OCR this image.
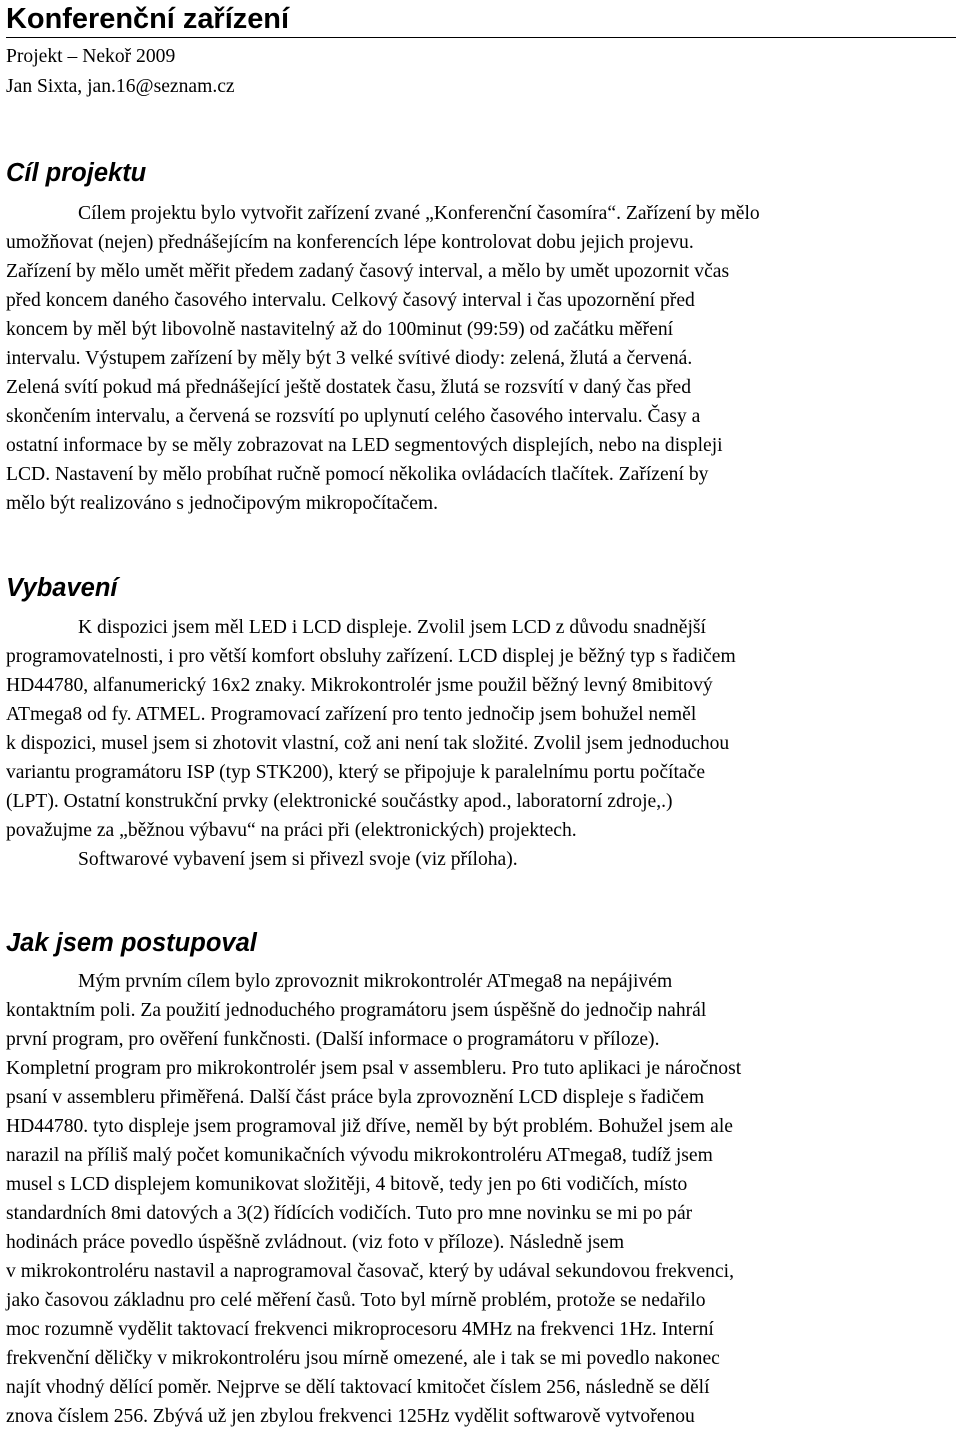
Konferenční zařízení

Projekt – Nekoř 2009

Jan Sixta, jan.16@seznam.cz

Cíl projektu

Cílem projektu bylo vytvořit zařízení zvané „Konferenční časomíra“. Zařízení by mělo

umožňovat (nejen) přednášejícím na konferencích lépe kontrolovat dobu jejich projevu.

Zařízení by mělo umět měřit předem zadaný časový interval, a mělo by umět upozornit včas

před koncem daného časového intervalu. Celkový časový interval i čas upozornění před

koncem by měl být libovolně nastavitelný až do 100minut (99:59) od začátku měření

intervalu. Výstupem zařízení by měly být 3 velké svítivé diody: zelená, žlutá a červená.

Zelená svítí pokud má přednášející ještě dostatek času, žlutá se rozsvítí v daný čas před

skončením intervalu, a červená se rozsvítí po uplynutí celého časového intervalu. Časy a

ostatní informace by se měly zobrazovat na LED segmentových displejích, nebo na displeji

LCD. Nastavení by mělo probíhat ručně pomocí několika ovládacích tlačítek. Zařízení by

mělo být realizováno s jednočipovým mikropočítačem.

Vybavení

K dispozici jsem měl LED i LCD displeje. Zvolil jsem LCD z důvodu snadnější

programovatelnosti, i pro větší komfort obsluhy zařízení. LCD displej je běžný typ s řadičem

HD44780, alfanumerický 16x2 znaky. Mikrokontrolér jsme použil běžný levný 8mibitový

ATmega8 od fy. ATMEL. Programovací zařízení pro tento jednočip jsem bohužel neměl

k dispozici, musel jsem si zhotovit vlastní, což ani není tak složité. Zvolil jsem jednoduchou

variantu programátoru ISP (typ STK200), který se připojuje k paralelnímu portu počítače

(LPT). Ostatní konstrukční prvky (elektronické součástky apod., laboratorní zdroje,.)

považujme za „běžnou výbavu“ na práci při (elektronických) projektech.

Softwarové vybavení jsem si přivezl svoje (viz příloha).

Jak jsem postupoval

Mým prvním cílem bylo zprovoznit mikrokontrolér ATmega8 na nepájivém

kontaktním poli. Za použití jednoduchého programátoru jsem úspěšně do jednočip nahrál

první program, pro ověření funkčnosti. (Další informace o programátoru v příloze).

Kompletní program pro mikrokontrolér jsem psal v assembleru. Pro tuto aplikaci je náročnost

psaní v assembleru přiměřená. Další část práce byla zprovoznění LCD displeje s řadičem

HD44780. tyto displeje jsem programoval již dříve, neměl by být problém. Bohužel jsem ale

narazil na příliš malý počet komunikačních vývodu mikrokontroléru ATmega8, tudíž jsem

musel s LCD displejem komunikovat složitěji, 4 bitově, tedy jen po 6ti vodičích, místo

standardních 8mi datových a 3(2) řídících vodičích. Tuto pro mne novinku se mi po pár

hodinách práce povedlo úspěšně zvládnout. (viz foto v příloze). Následně jsem

v mikrokontroléru nastavil a naprogramoval časovač, který by udával sekundovou frekvenci,

jako časovou základnu pro celé měření časů. Toto byl mírně problém, protože se nedařilo

moc rozumně vydělit taktovací frekvenci mikroprocesoru 4MHz na frekvenci 1Hz. Interní

frekvenční děličky v mikrokontroléru jsou mírně omezené, ale i tak se mi povedlo nakonec

najít vhodný dělící poměr. Nejprve se dělí taktovací kmitočet číslem 256, následně se dělí

znova číslem 256. Zbývá už jen zbylou frekvenci 125Hz vydělit softwarově vytvořenou
